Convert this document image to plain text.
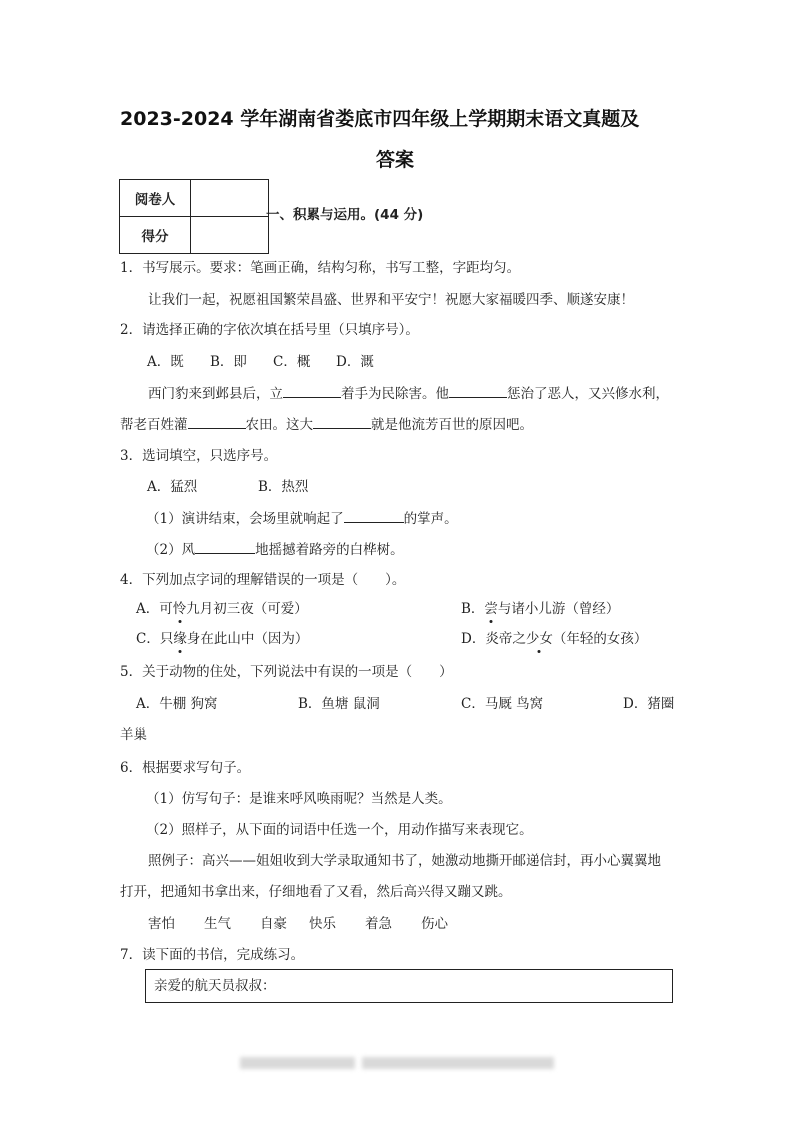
2023-2024 学年湖南省娄底市四年级上学期期末语文真题及
答案
阅卷人	
得分	
一、积累与运用。(44 分)
1．书写展示。要求：笔画正确，结构匀称，书写工整，字距均匀。
让我们一起，祝愿祖国繁荣昌盛、世界和平安宁！祝愿大家福暖四季、顺遂安康！
2．请选择正确的字依次填在括号里（只填序号）。
A．既 B．即 C．概 D．溉
西门豹来到邺县后，立	着手为民除害。他	惩治了恶人，又兴修水利，
帮老百姓灌	农田。这大	就是他流芳百世的原因吧。
3．选词填空，只选序号。
A．猛烈	B．热烈
（1）演讲结束，会场里就响起了	的掌声。
（2）风	地摇撼着路旁的白桦树。
4．下列加点字词的理解错误的一项是（　　）。
A．可怜九月初三夜（可爱）	B．尝与诸小儿游（曾经）
C．只缘身在此山中（因为）	D．炎帝之少女（年轻的女孩）
5．关于动物的住处，下列说法中有误的一项是（　　）
A．牛棚 狗窝	B．鱼塘 鼠洞	C．马厩 鸟窝	D．猪圈
羊巢
6．根据要求写句子。
（1）仿写句子：是谁来呼风唤雨呢？当然是人类。
（2）照样子，从下面的词语中任选一个，用动作描写来表现它。
照例子：高兴——姐姐收到大学录取通知书了，她激动地撕开邮递信封，再小心翼翼地
打开，把通知书拿出来，仔细地看了又看，然后高兴得又蹦又跳。
害怕 生气 自豪 快乐 着急 伤心
7．读下面的书信，完成练习。
亲爱的航天员叔叔：
